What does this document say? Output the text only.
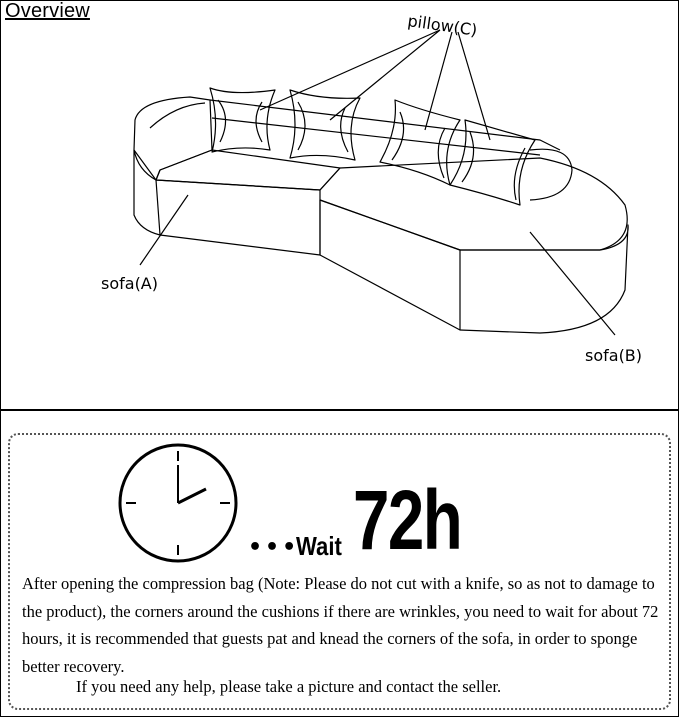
Overview
pillow(C)
sofa(A)
sofa(B)
•••
Wait 72h
After opening the compression bag (Note: Please do not cut with a knife, so as not to damage to the product), the corners around the cushions if there are wrinkles, you need to wait for about 72 hours, it is recommended that guests pat and knead the corners of the sofa, in order to sponge better recovery.
If you need any help, please take a picture and contact the seller.
